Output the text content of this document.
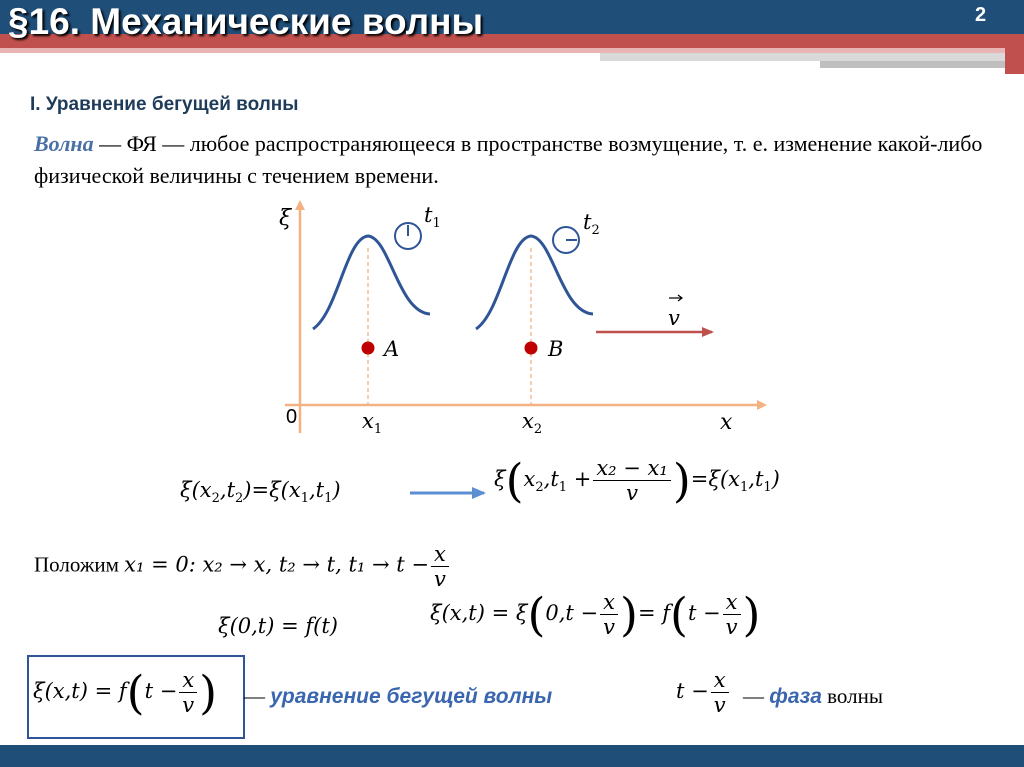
§16. Механические волны	2
I. Уравнение бегущей волны
Волна — ФЯ — любое распространяющееся в пространстве возмущение, т. е. изменение какой-либо физической величины с течением времени.
ξ	$t_1$	$t_2$
v
A	B
0	$x_1$	$x_2$	x
$\xi(x_2,t_2)=\xi(x_1,t_1)$	$\xi(x_2,t_1 + \frac{\text{x₂ − x₁}}{v} )=\xi(x_1,t_1)$
Положим x₁ = 0: x₂ → x, t₂ → t, $t_1 \to t - \frac{x}{v}$
ξ(0,t) = f(t)
$\xi(x,t) = \xi(0,t - \frac{x}{v}$ )= $f(t - \frac{x}{v}$ )
$\xi(x,t) = f(t - \frac{x}{v}$ ) — уравнение бегущей волны	$t - \frac{x}{v}$ — фаза волны
